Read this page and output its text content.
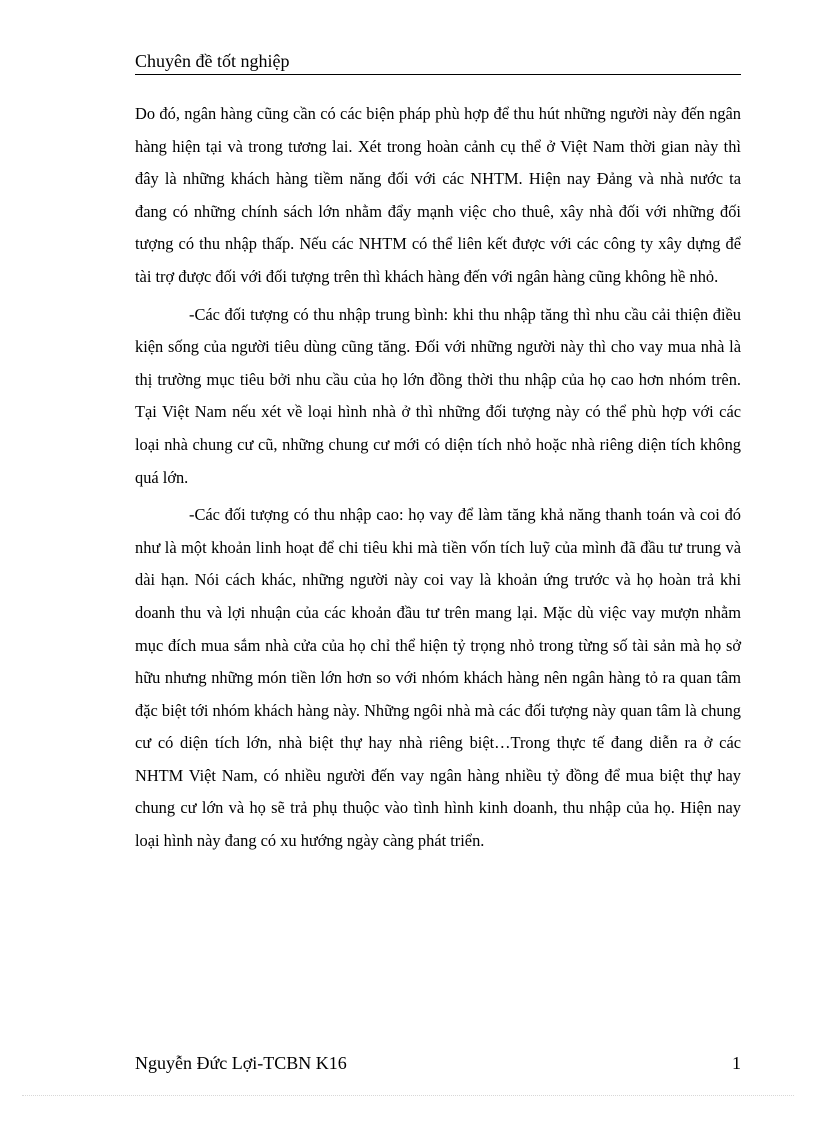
Chuyên đề tốt nghiệp

Do đó, ngân hàng cũng cần có các biện pháp phù hợp để thu hút những người này đến ngân hàng hiện tại và trong tương lai. Xét trong hoàn cảnh cụ thể ở Việt Nam thời gian này thì đây là những khách hàng tiềm năng đối với các NHTM. Hiện nay Đảng và nhà nước ta đang có những chính sách lớn nhằm đẩy mạnh việc cho thuê, xây nhà đối với những đối tượng có thu nhập thấp. Nếu các NHTM có thể liên kết được với các công ty xây dựng để tài trợ được đối với đối tượng trên thì khách hàng đến với ngân hàng cũng không hề nhỏ.

-Các đối tượng có thu nhập trung bình: khi thu nhập tăng thì nhu cầu cải thiện điều kiện sống của người tiêu dùng cũng tăng. Đối với những người này thì cho vay mua nhà là thị trường mục tiêu bởi nhu cầu của họ lớn đồng thời thu nhập của họ cao hơn nhóm trên. Tại Việt Nam nếu xét về loại hình nhà ở thì những đối tượng này có thể phù hợp với các loại nhà chung cư cũ, những chung cư mới có diện tích nhỏ hoặc nhà riêng diện tích không quá lớn.

-Các đối tượng có thu nhập cao: họ vay để làm tăng khả năng thanh toán và coi đó như là một khoản linh hoạt để chi tiêu khi mà tiền vốn tích luỹ của mình đã đầu tư trung và dài hạn. Nói cách khác, những người này coi vay là khoản ứng trước và họ hoàn trả khi doanh thu và lợi nhuận của các khoản đầu tư trên mang lại. Mặc dù việc vay mượn nhằm mục đích mua sắm nhà cửa của họ chỉ thể hiện tỷ trọng nhỏ trong từng số tài sản mà họ sở hữu nhưng những món tiền lớn hơn so với nhóm khách hàng nên ngân hàng tỏ ra quan tâm đặc biệt tới nhóm khách hàng này. Những ngôi nhà mà các đối tượng này quan tâm là chung cư có diện tích lớn, nhà biệt thự hay nhà riêng biệt…Trong thực tế đang diễn ra ở các NHTM Việt Nam, có nhiều người đến vay ngân hàng nhiều tỷ đồng để mua biệt thự hay chung cư lớn và họ sẽ trả phụ thuộc vào tình hình kinh doanh, thu nhập của họ. Hiện nay loại hình này đang có xu hướng ngày càng phát triển.

Nguyễn Đức Lợi-TCBN K16	1
